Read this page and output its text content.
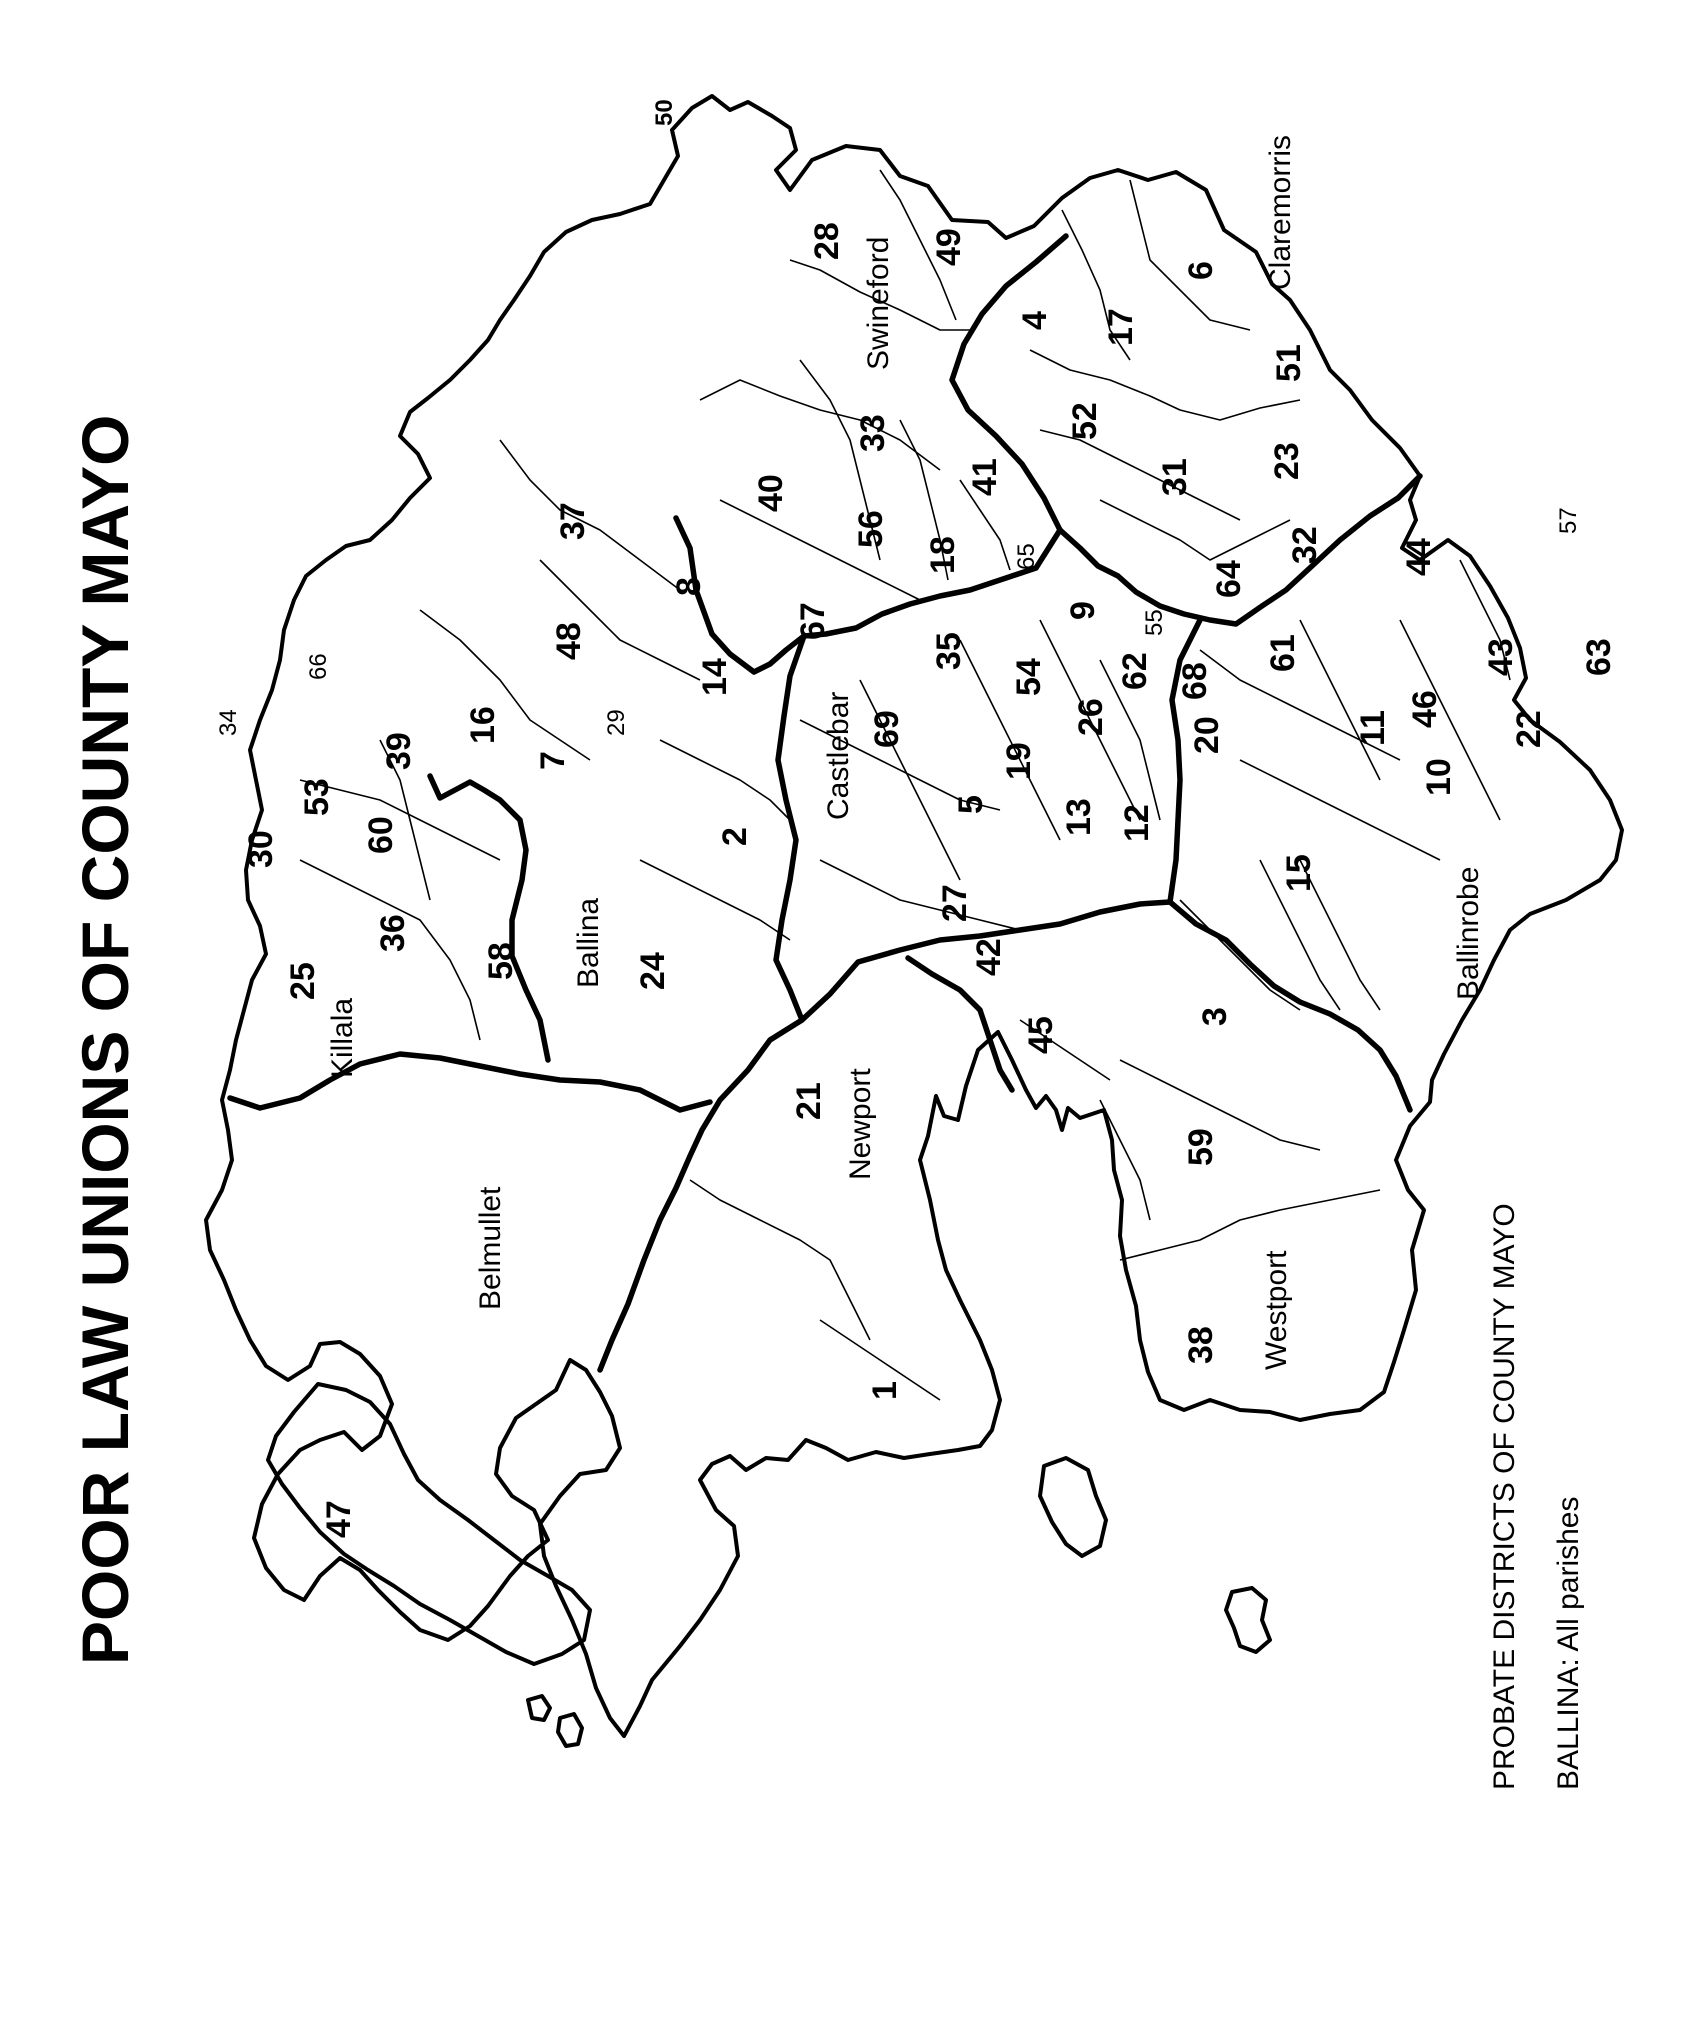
POOR LAW UNIONS OF COUNTY MAYO
Claremorris
Swineford
Castlebar
Ballina
Killala
Belmullet
Newport
Westport
Ballinrobe
50
28 49
6
4 17
51
52
23
31
40
33
56
41
18
67
65
37
8
48
14
34
66
16
7
29
39
53
30 60
36
25
58	24
2
69
35
54
9 55
62
26
19
5 13 12
27
64
32 44
43
46
11
61
68
20
10
22
63
57
15
42
45	3
59
38
21
1
47	PROBATE DISTRICTS OF COUNTY MAYO BALLINA: All parishes
